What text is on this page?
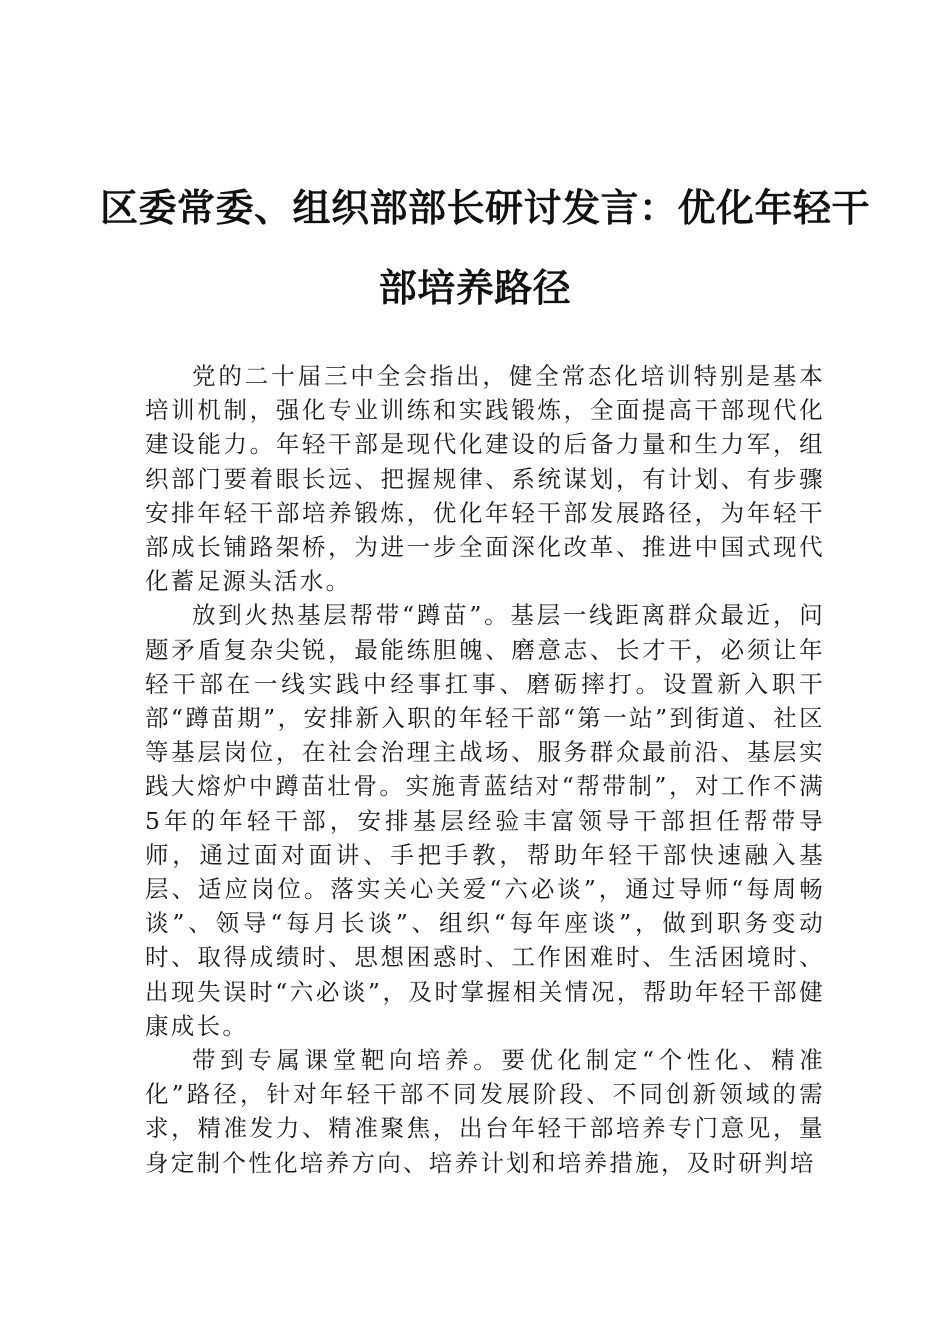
区委常委、组织部部长研讨发言：优化年轻干
部培养路径

党的二十届三中全会指出，健全常态化培训特别是基本培训机制，强化专业训练和实践锻炼，全面提高干部现代化建设能力。年轻干部是现代化建设的后备力量和生力军，组织部门要着眼长远、把握规律、系统谋划，有计划、有步骤安排年轻干部培养锻炼，优化年轻干部发展路径，为年轻干部成长铺路架桥，为进一步全面深化改革、推进中国式现代化蓄足源头活水。

放到火热基层帮带“蹲苗”。基层一线距离群众最近，问题矛盾复杂尖锐，最能练胆魄、磨意志、长才干，必须让年轻干部在一线实践中经事扛事、磨砺摔打。设置新入职干部“蹲苗期”，安排新入职的年轻干部“第一站”到街道、社区等基层岗位，在社会治理主战场、服务群众最前沿、基层实践大熔炉中蹲苗壮骨。实施青蓝结对“帮带制”，对工作不满5年的年轻干部，安排基层经验丰富领导干部担任帮带导师，通过面对面讲、手把手教，帮助年轻干部快速融入基层、适应岗位。落实关心关爱“六必谈”，通过导师“每周畅谈”、领导“每月长谈”、组织“每年座谈”，做到职务变动时、取得成绩时、思想困惑时、工作困难时、生活困境时、出现失误时“六必谈”，及时掌握相关情况，帮助年轻干部健康成长。

带到专属课堂靶向培养。要优化制定“个性化、精准化”路径，针对年轻干部不同发展阶段、不同创新领域的需求，精准发力、精准聚焦，出台年轻干部培养专门意见，量身定制个性化培养方向、培养计划和培养措施，及时研判培
